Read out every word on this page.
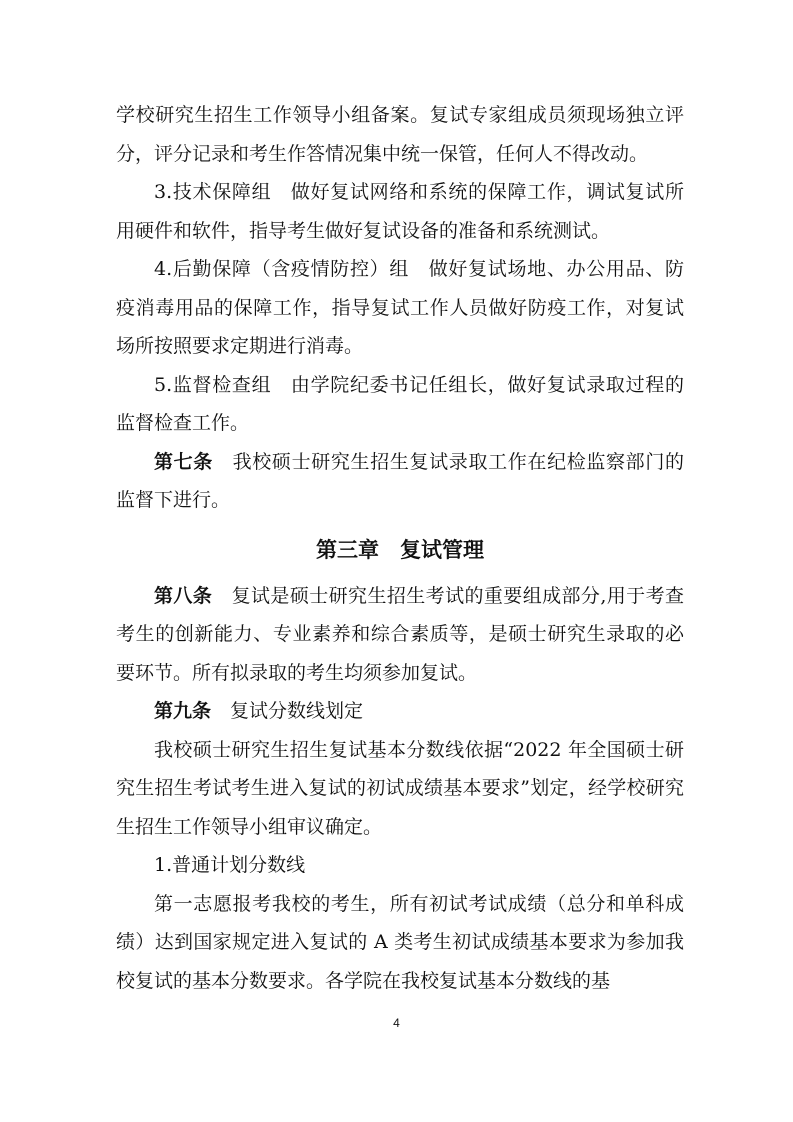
学校研究生招生工作领导小组备案。复试专家组成员须现场独立评分，评分记录和考生作答情况集中统一保管，任何人不得改动。

3.技术保障组　做好复试网络和系统的保障工作，调试复试所用硬件和软件，指导考生做好复试设备的准备和系统测试。

4.后勤保障（含疫情防控）组　做好复试场地、办公用品、防疫消毒用品的保障工作，指导复试工作人员做好防疫工作，对复试场所按照要求定期进行消毒。

5.监督检查组　由学院纪委书记任组长，做好复试录取过程的监督检查工作。

第七条 我校硕士研究生招生复试录取工作在纪检监察部门的监督下进行。

第三章　复试管理

第八条 复试是硕士研究生招生考试的重要组成部分,用于考查考生的创新能力、专业素养和综合素质等，是硕士研究生录取的必要环节。所有拟录取的考生均须参加复试。

第九条 复试分数线划定

我校硕士研究生招生复试基本分数线依据“2022 年全国硕士研究生招生考试考生进入复试的初试成绩基本要求”划定，经学校研究生招生工作领导小组审议确定。

1.普通计划分数线

第一志愿报考我校的考生，所有初试考试成绩（总分和单科成绩）达到国家规定进入复试的 A 类考生初试成绩基本要求为参加我校复试的基本分数要求。各学院在我校复试基本分数线的基

4
